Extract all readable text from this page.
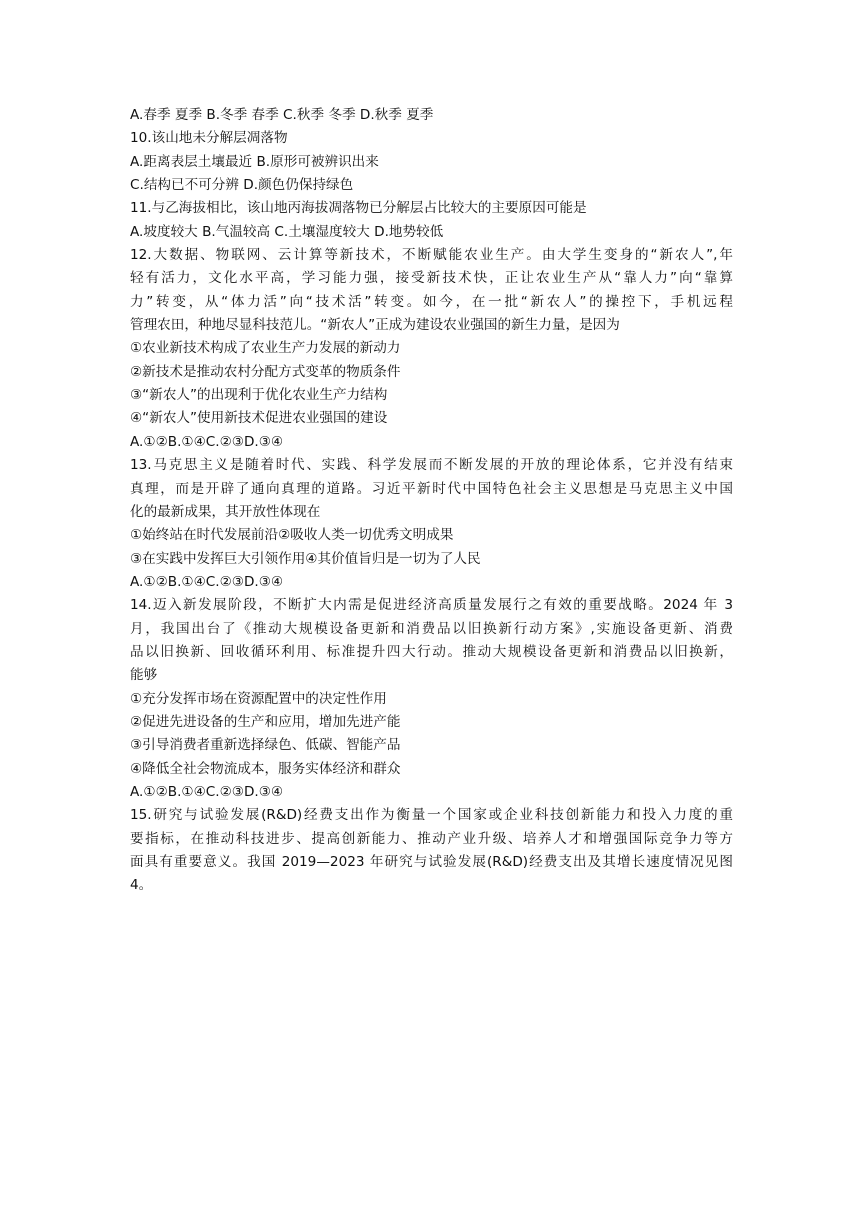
A.春季 夏季 B.冬季 春季 C.秋季 冬季 D.秋季 夏季
10.该山地未分解层凋落物
A.距离表层土壤最近 B.原形可被辨识出来
C.结构已不可分辨 D.颜色仍保持绿色
11.与乙海拔相比，该山地丙海拔凋落物已分解层占比较大的主要原因可能是
A.坡度较大 B.气温较高 C.土壤湿度较大 D.地势较低
12.大数据、物联网、云计算等新技术，不断赋能农业生产。由大学生变身的“新农人”,年
轻有活力，文化水平高，学习能力强，接受新技术快，正让农业生产从“靠人力”向“靠算
力”转变，从“体力活”向“技术活”转变。如今，在一批“新农人”的操控下，手机远程
管理农田，种地尽显科技范儿。“新农人”正成为建设农业强国的新生力量，是因为
①农业新技术构成了农业生产力发展的新动力
②新技术是推动农村分配方式变革的物质条件
③“新农人”的出现利于优化农业生产力结构
④“新农人”使用新技术促进农业强国的建设
A.①②B.①④C.②③D.③④
13.马克思主义是随着时代、实践、科学发展而不断发展的开放的理论体系，它并没有结束
真理，而是开辟了通向真理的道路。习近平新时代中国特色社会主义思想是马克思主义中国
化的最新成果，其开放性体现在
①始终站在时代发展前沿②吸收人类一切优秀文明成果
③在实践中发挥巨大引领作用④其价值旨归是一切为了人民
A.①②B.①④C.②③D.③④
14.迈入新发展阶段，不断扩大内需是促进经济高质量发展行之有效的重要战略。2024 年 3
月，我国出台了《推动大规模设备更新和消费品以旧换新行动方案》,实施设备更新、消费
品以旧换新、回收循环利用、标准提升四大行动。推动大规模设备更新和消费品以旧换新，
能够
①充分发挥市场在资源配置中的决定性作用
②促进先进设备的生产和应用，增加先进产能
③引导消费者重新选择绿色、低碳、智能产品
④降低全社会物流成本，服务实体经济和群众
A.①②B.①④C.②③D.③④
15.研究与试验发展(R&D)经费支出作为衡量一个国家或企业科技创新能力和投入力度的重
要指标，在推动科技进步、提高创新能力、推动产业升级、培养人才和增强国际竞争力等方
面具有重要意义。我国 2019—2023 年研究与试验发展(R&D)经费支出及其增长速度情况见图
4。
